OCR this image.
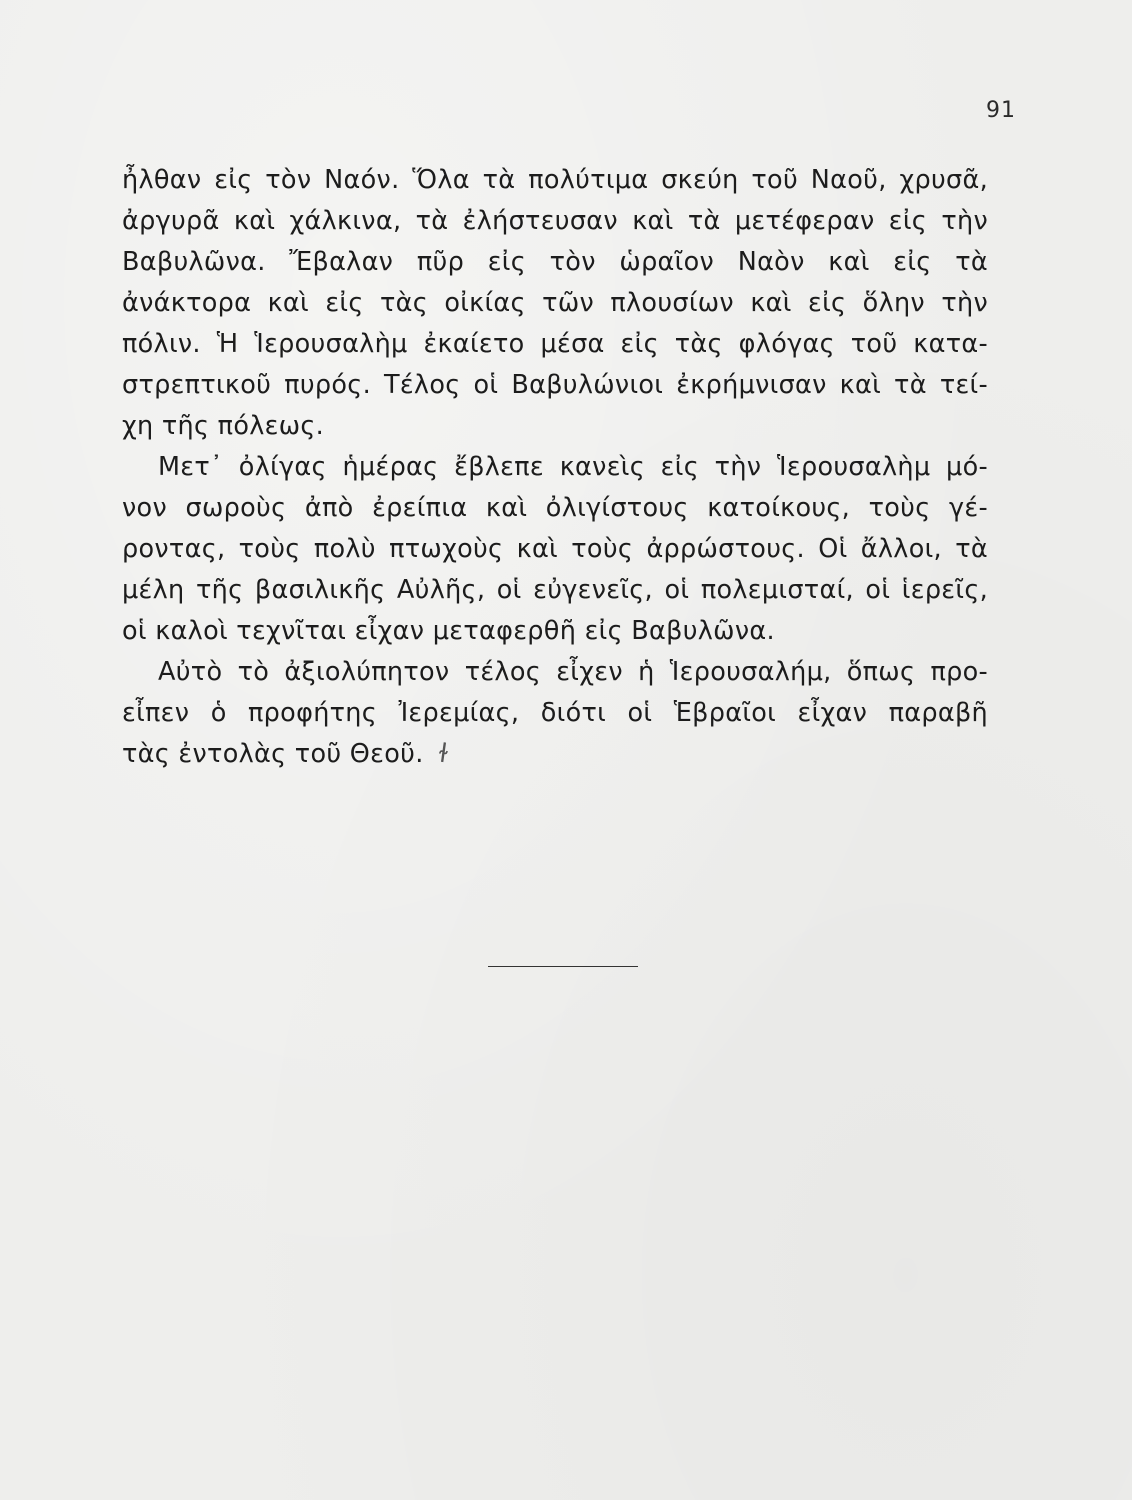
91
ἦλθαν εἰς τὸν Ναόν. Ὅλα τὰ πολύτιμα σκεύη τοῦ Ναοῦ, χρυσᾶ,
ἀργυρᾶ καὶ χάλκινα, τὰ ἐλήστευσαν καὶ τὰ μετέφεραν εἰς τὴν
Βαβυλῶνα. Ἔβαλαν πῦρ εἰς τὸν ὡραῖον Ναὸν καὶ εἰς τὰ
ἀνάκτορα καὶ εἰς τὰς οἰκίας τῶν πλουσίων καὶ εἰς ὅλην τὴν
πόλιν. Ἡ Ἱερουσαλὴμ ἐκαίετο μέσα εἰς τὰς φλόγας τοῦ κατα-
στρεπτικοῦ πυρός. Τέλος οἱ Βαβυλώνιοι ἐκρήμνισαν καὶ τὰ τεί-
χη τῆς πόλεως.
Μετ᾿ ὀλίγας ἡμέρας ἔβλεπε κανεὶς εἰς τὴν Ἱερουσαλὴμ μό-
νον σωροὺς ἀπὸ ἐρείπια καὶ ὀλιγίστους κατοίκους, τοὺς γέ-
ροντας, τοὺς πολὺ πτωχοὺς καὶ τοὺς ἀρρώστους. Οἱ ἄλλοι, τὰ
μέλη τῆς βασιλικῆς Αὐλῆς, οἱ εὐγενεῖς, οἱ πολεμισταί, οἱ ἱερεῖς,
οἱ καλοὶ τεχνῖται εἶχαν μεταφερθῆ εἰς Βαβυλῶνα.
Αὐτὸ τὸ ἀξιολύπητον τέλος εἶχεν ἡ Ἱερουσαλήμ, ὅπως προ-
εἶπεν ὁ προφήτης Ἰερεμίας, διότι οἱ Ἑβραῖοι εἶχαν παραβῆ
τὰς ἐντολὰς τοῦ Θεοῦ. ɫ
